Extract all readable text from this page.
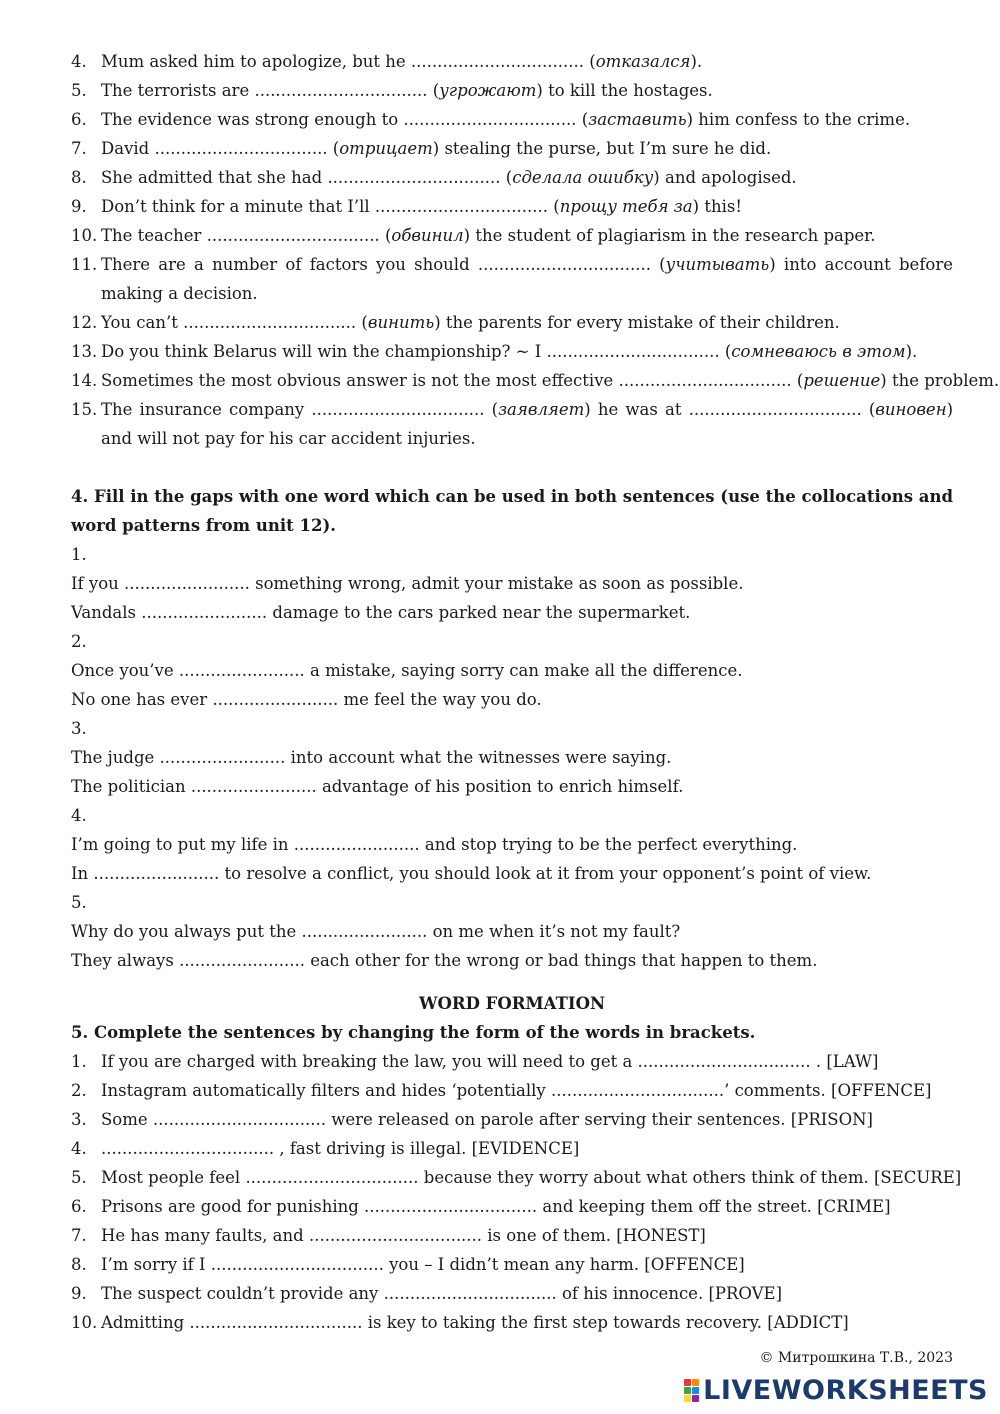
4. Mum asked him to apologize, but he ................................. (отказался).
5. The terrorists are ................................. (угрожают) to kill the hostages.
6. The evidence was strong enough to ................................. (заставить) him confess to the crime.
7. David ................................. (отрицает) stealing the purse, but I’m sure he did.
8. She admitted that she had ................................. (сделала ошибку) and apologised.
9. Don’t think for a minute that I’ll ................................. (прощу тебя за) this!
10. The teacher ................................. (обвинил) the student of plagiarism in the research paper.
11. There are a number of factors you should ................................. (учитывать) into account before making a decision.
12. You can’t ................................. (винить) the parents for every mistake of their children.
13. Do you think Belarus will win the championship? ~ I ................................. (сомневаюсь в этом).
14. Sometimes the most obvious answer is not the most effective ................................. (решение) the problem.
15. The insurance company ................................. (заявляет) he was at ................................. (виновен) and will not pay for his car accident injuries.
4. Fill in the gaps with one word which can be used in both sentences (use the collocations and word patterns from unit 12).
1.
If you ........................ something wrong, admit your mistake as soon as possible.
Vandals ........................ damage to the cars parked near the supermarket.
2.
Once you’ve ........................ a mistake, saying sorry can make all the difference.
No one has ever ........................ me feel the way you do.
3.
The judge ........................ into account what the witnesses were saying.
The politician ........................ advantage of his position to enrich himself.
4.
I’m going to put my life in ........................ and stop trying to be the perfect everything.
In ........................ to resolve a conflict, you should look at it from your opponent’s point of view.
5.
Why do you always put the ........................ on me when it’s not my fault?
They always ........................ each other for the wrong or bad things that happen to them.
WORD FORMATION
5. Complete the sentences by changing the form of the words in brackets.
1. If you are charged with breaking the law, you will need to get a ................................. . [LAW]
2. Instagram automatically filters and hides ‘potentially .................................’ comments. [OFFENCE]
3. Some ................................. were released on parole after serving their sentences. [PRISON]
4. ................................. , fast driving is illegal. [EVIDENCE]
5. Most people feel ................................. because they worry about what others think of them. [SECURE]
6. Prisons are good for punishing ................................. and keeping them off the street. [CRIME]
7. He has many faults, and ................................. is one of them. [HONEST]
8. I’m sorry if I ................................. you – I didn’t mean any harm. [OFFENCE]
9. The suspect couldn’t provide any ................................. of his innocence. [PROVE]
10. Admitting ................................. is key to taking the first step towards recovery. [ADDICT]
© Митрошкина Т.В., 2023
LIVEWORKSHEETS
